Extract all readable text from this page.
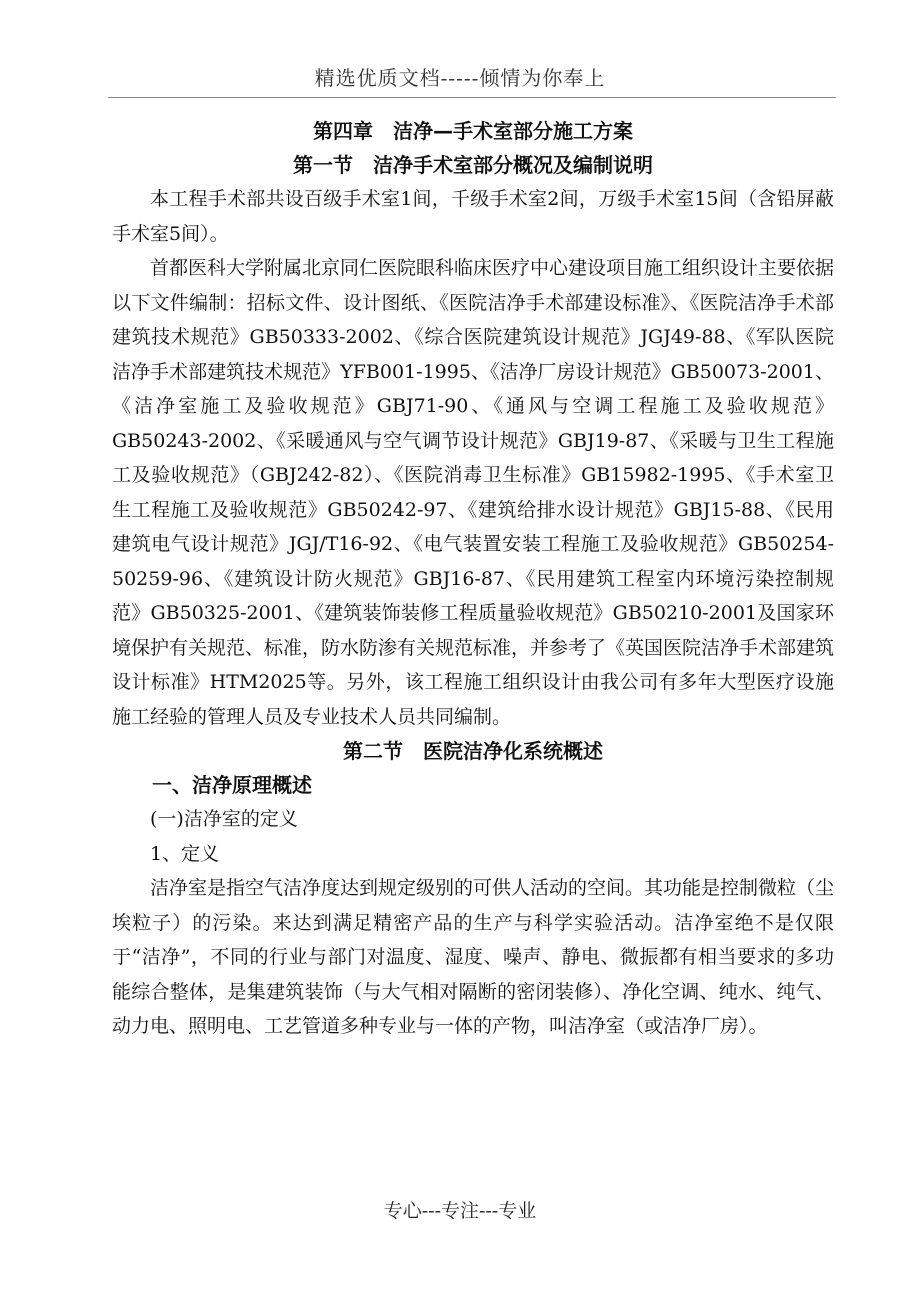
精选优质文档-----倾情为你奉上
第四章　洁净—手术室部分施工方案
第一节　洁净手术室部分概况及编制说明

本工程手术部共设百级手术室1间，千级手术室2间，万级手术室15间（含铅屏蔽手术室5间）。

首都医科大学附属北京同仁医院眼科临床医疗中心建设项目施工组织设计主要依据以下文件编制：招标文件、设计图纸、《医院洁净手术部建设标准》、《医院洁净手术部建筑技术规范》GB50333-2002、《综合医院建筑设计规范》JGJ49-88、《军队医院洁净手术部建筑技术规范》YFB001-1995、《洁净厂房设计规范》GB50073-2001、《洁净室施工及验收规范》GBJ71-90、《通风与空调工程施工及验收规范》GB50243-2002、《采暖通风与空气调节设计规范》GBJ19-87、《采暖与卫生工程施工及验收规范》（GBJ242-82）、《医院消毒卫生标准》GB15982-1995、《手术室卫生工程施工及验收规范》GB50242-97、《建筑给排水设计规范》GBJ15-88、《民用建筑电气设计规范》JGJ/T16-92、《电气装置安装工程施工及验收规范》GB50254-50259-96、《建筑设计防火规范》GBJ16-87、《民用建筑工程室内环境污染控制规范》GB50325-2001、《建筑装饰装修工程质量验收规范》GB50210-2001及国家环境保护有关规范、标准，防水防渗有关规范标准，并参考了《英国医院洁净手术部建筑设计标准》HTM2025等。另外，该工程施工组织设计由我公司有多年大型医疗设施施工经验的管理人员及专业技术人员共同编制。

第二节　医院洁净化系统概述
一、洁净原理概述

(一)洁净室的定义

1、定义

洁净室是指空气洁净度达到规定级别的可供人活动的空间。其功能是控制微粒（尘埃粒子）的污染。来达到满足精密产品的生产与科学实验活动。洁净室绝不是仅限于“洁净”，不同的行业与部门对温度、湿度、噪声、静电、微振都有相当要求的多功能综合整体，是集建筑装饰（与大气相对隔断的密闭装修）、净化空调、纯水、纯气、动力电、照明电、工艺管道多种专业与一体的产物，叫洁净室（或洁净厂房）。

专心---专注---专业
